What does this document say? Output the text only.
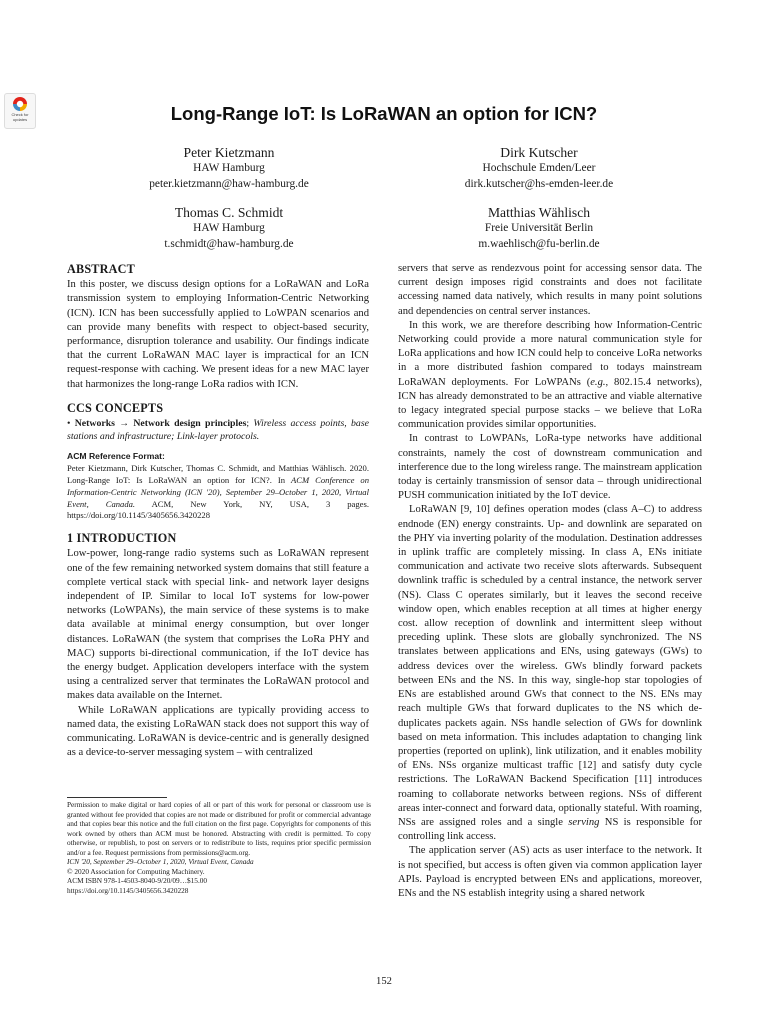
Check for updates	Long-Range IoT: Is LoRaWAN an option for ICN?
Peter Kietzmann
HAW Hamburg
peter.kietzmann@haw-hamburg.de
Dirk Kutscher
Hochschule Emden/Leer
dirk.kutscher@hs-emden-leer.de
Thomas C. Schmidt
HAW Hamburg
t.schmidt@haw-hamburg.de
Matthias Wählisch
Freie Universität Berlin
m.waehlisch@fu-berlin.de
ABSTRACT

In this poster, we discuss design options for a LoRaWAN and LoRa transmission system to employing Information-Centric Networking (ICN). ICN has been successfully applied to LoWPAN scenarios and can provide many benefits with respect to object-based security, performance, disruption tolerance and usability. Our findings indicate that the current LoRaWAN MAC layer is impractical for an ICN request-response with caching. We present ideas for a new MAC layer that harmonizes the long-range LoRa radios with ICN.

CCS CONCEPTS

• Networks → Network design principles; Wireless access points, base stations and infrastructure; Link-layer protocols.

ACM Reference Format:

Peter Kietzmann, Dirk Kutscher, Thomas C. Schmidt, and Matthias Wählisch. 2020. Long-Range IoT: Is LoRaWAN an option for ICN?. In ACM Conference on Information-Centric Networking (ICN '20), September 29–October 1, 2020, Virtual Event, Canada. ACM, New York, NY, USA, 3 pages. https://doi.org/10.1145/3405656.3420228

1 INTRODUCTION

Low-power, long-range radio systems such as LoRaWAN represent one of the few remaining networked system domains that still feature a complete vertical stack with special link- and network layer designs independent of IP. Similar to local IoT systems for low-power networks (LoWPANs), the main service of these systems is to make data available at minimal energy consumption, but over longer distances. LoRaWAN (the system that comprises the LoRa PHY and MAC) supports bi-directional communication, if the IoT device has the energy budget. Application developers interface with the system using a centralized server that terminates the LoRaWAN protocol and makes data available on the Internet.

While LoRaWAN applications are typically providing access to named data, the existing LoRaWAN stack does not support this way of communicating. LoRaWAN is device-centric and is generally designed as a device-to-server messaging system – with centralized

Permission to make digital or hard copies of all or part of this work for personal or classroom use is granted without fee provided that copies are not made or distributed for profit or commercial advantage and that copies bear this notice and the full citation on the first page. Copyrights for components of this work owned by others than ACM must be honored. Abstracting with credit is permitted. To copy otherwise, or republish, to post on servers or to redistribute to lists, requires prior specific permission and/or a fee. Request permissions from permissions@acm.org.

ICN '20, September 29–October 1, 2020, Virtual Event, Canada

© 2020 Association for Computing Machinery.

ACM ISBN 978-1-4503-8040-9/20/09…$15.00

https://doi.org/10.1145/3405656.3420228

servers that serve as rendezvous point for accessing sensor data. The current design imposes rigid constraints and does not facilitate accessing named data natively, which results in many point solutions and dependencies on central server instances.

In this work, we are therefore describing how Information-Centric Networking could provide a more natural communication style for LoRa applications and how ICN could help to conceive LoRa networks in a more distributed fashion compared to todays mainstream LoRaWAN deployments. For LoWPANs (e.g., 802.15.4 networks), ICN has already demonstrated to be an attractive and viable alternative to legacy integrated special purpose stacks – we believe that LoRa communication provides similar opportunities.

In contrast to LoWPANs, LoRa-type networks have additional constraints, namely the cost of downstream communication and interference due to the long wireless range. The mainstream application today is certainly transmission of sensor data – through unidirectional PUSH communication initiated by the IoT device.

LoRaWAN [9, 10] defines operation modes (class A–C) to address endnode (EN) energy constraints. Up- and downlink are separated on the PHY via inverting polarity of the modulation. Destination addresses in uplink traffic are completely missing. In class A, ENs initiate communication and activate two receive slots afterwards. Subsequent downlink traffic is scheduled by a central instance, the network server (NS). Class C operates similarly, but it leaves the second receive window open, which enables reception at all times at higher energy cost. allow reception of downlink and intermittent sleep without preceding uplink. These slots are globally synchronized. The NS translates between applications and ENs, using gateways (GWs) to address devices over the wireless. GWs blindly forward packets between ENs and the NS. In this way, single-hop star topologies of ENs are established around GWs that connect to the NS. ENs may reach multiple GWs that forward duplicates to the NS which de-duplicates packets again. NSs handle selection of GWs for downlink based on meta information. This includes adaptation to changing link properties (reported on uplink), link utilization, and it enables mobility of ENs. NSs organize multicast traffic [12] and satisfy duty cycle restrictions. The LoRaWAN Backend Specification [11] introduces roaming to collaborate networks between regions. NSs of different areas inter-connect and forward data, optionally stateful. With roaming, NSs are assigned roles and a single serving NS is responsible for controlling link access.

The application server (AS) acts as user interface to the network. It is not specified, but access is often given via common application layer APIs. Payload is encrypted between ENs and applications, moreover, ENs and the NS establish integrity using a shared network

152
